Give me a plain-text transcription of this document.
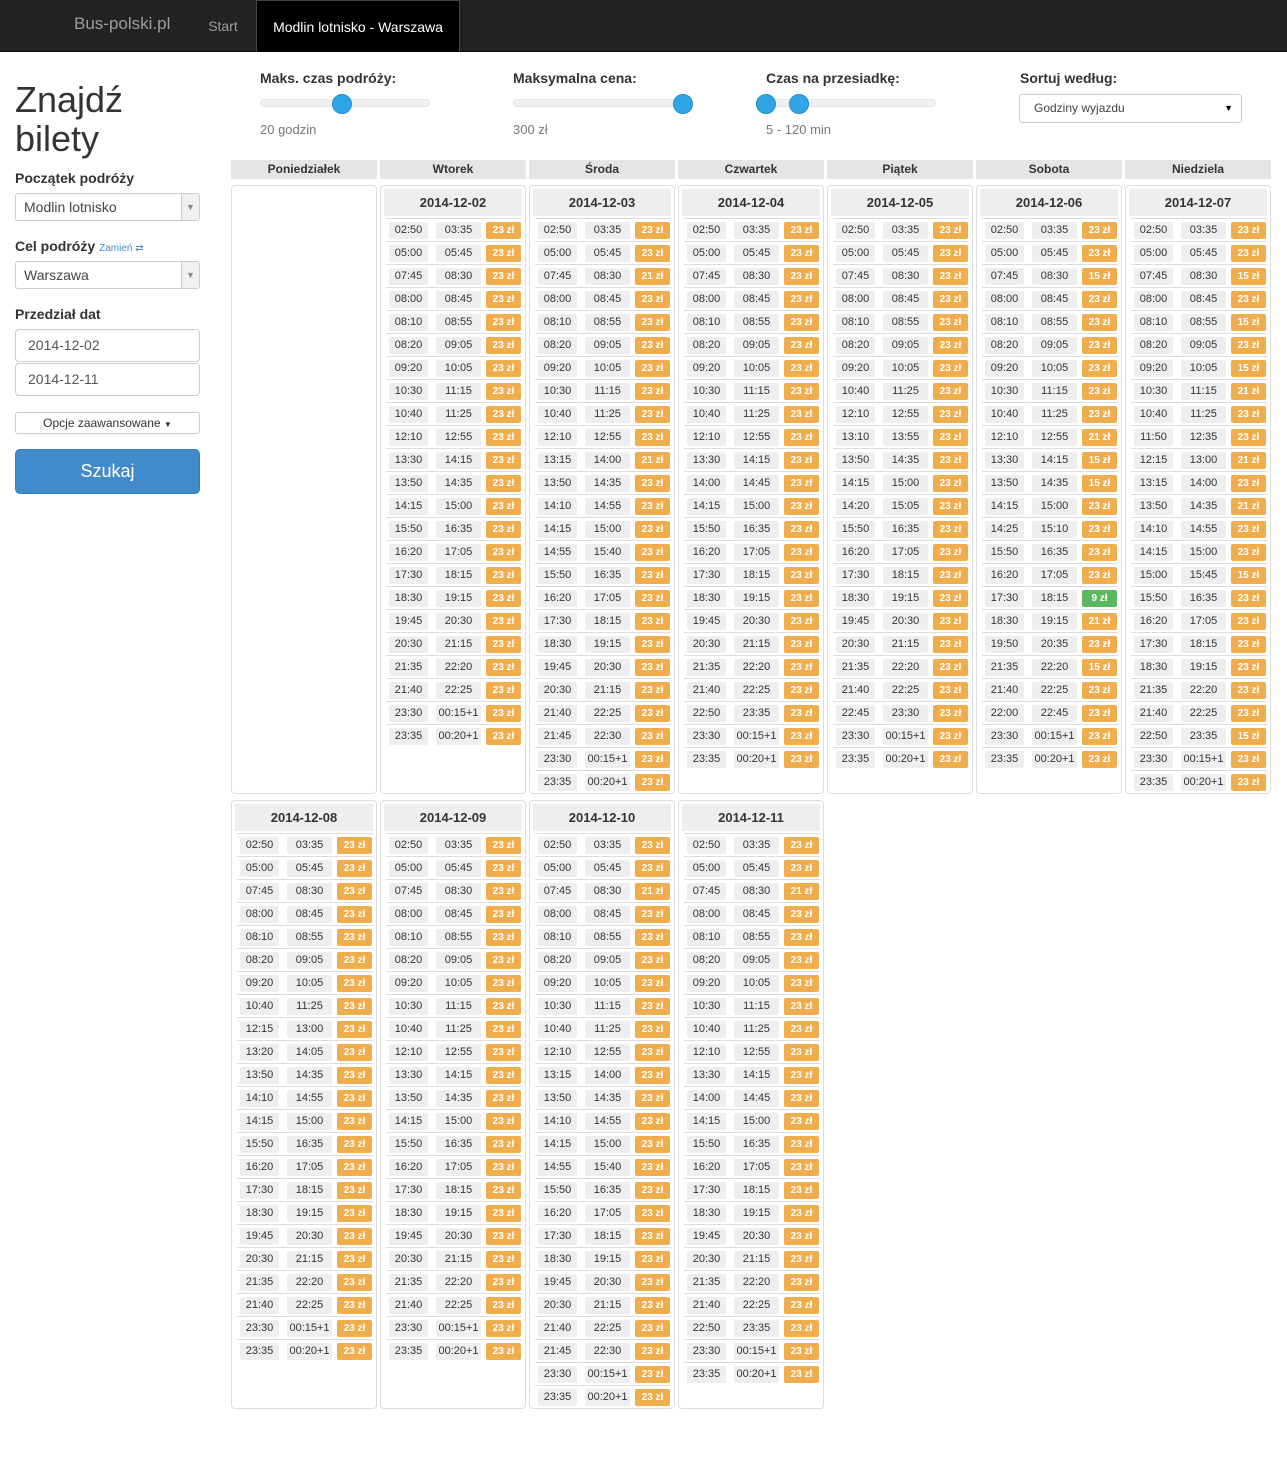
Bus-polski.pl	Start	Modlin lotnisko - Warszawa
Znajdź bilety
Początek podróży
Modlin lotnisko	▼
Cel podróży Zamień ⇄
Warszawa	▼
Przedział dat
2014-12-02
2014-12-11
Opcje zaawansowane ▼
Szukaj
Maks. czas podróży:
20 godzin
Maksymalna cena:
300 zł
Czas na przesiadkę:
5 - 120 min
Sortuj według:
Godziny wyjazdu	▼
Poniedziałek	Wtorek	Środa	Czwartek	Piątek	Sobota	Niedziela
2014-12-02
02:50	03:35	23 zł
05:00	05:45	23 zł
07:45	08:30	23 zł
08:00	08:45	23 zł
08:10	08:55	23 zł
08:20	09:05	23 zł
09:20	10:05	23 zł
10:30	11:15	23 zł
10:40	11:25	23 zł
12:10	12:55	23 zł
13:30	14:15	23 zł
13:50	14:35	23 zł
14:15	15:00	23 zł
15:50	16:35	23 zł
16:20	17:05	23 zł
17:30	18:15	23 zł
18:30	19:15	23 zł
19:45	20:30	23 zł
20:30	21:15	23 zł
21:35	22:20	23 zł
21:40	22:25	23 zł
23:30	00:15+1	23 zł
23:35	00:20+1	23 zł
2014-12-03
02:50	03:35	23 zł
05:00	05:45	23 zł
07:45	08:30	21 zł
08:00	08:45	23 zł
08:10	08:55	23 zł
08:20	09:05	23 zł
09:20	10:05	23 zł
10:30	11:15	23 zł
10:40	11:25	23 zł
12:10	12:55	23 zł
13:15	14:00	21 zł
13:50	14:35	23 zł
14:10	14:55	23 zł
14:15	15:00	23 zł
14:55	15:40	23 zł
15:50	16:35	23 zł
16:20	17:05	23 zł
17:30	18:15	23 zł
18:30	19:15	23 zł
19:45	20:30	23 zł
20:30	21:15	23 zł
21:40	22:25	23 zł
21:45	22:30	23 zł
23:30	00:15+1	23 zł
23:35	00:20+1	23 zł
2014-12-04
02:50	03:35	23 zł
05:00	05:45	23 zł
07:45	08:30	23 zł
08:00	08:45	23 zł
08:10	08:55	23 zł
08:20	09:05	23 zł
09:20	10:05	23 zł
10:30	11:15	23 zł
10:40	11:25	23 zł
12:10	12:55	23 zł
13:30	14:15	23 zł
14:00	14:45	23 zł
14:15	15:00	23 zł
15:50	16:35	23 zł
16:20	17:05	23 zł
17:30	18:15	23 zł
18:30	19:15	23 zł
19:45	20:30	23 zł
20:30	21:15	23 zł
21:35	22:20	23 zł
21:40	22:25	23 zł
22:50	23:35	23 zł
23:30	00:15+1	23 zł
23:35	00:20+1	23 zł
2014-12-05
02:50	03:35	23 zł
05:00	05:45	23 zł
07:45	08:30	23 zł
08:00	08:45	23 zł
08:10	08:55	23 zł
08:20	09:05	23 zł
09:20	10:05	23 zł
10:40	11:25	23 zł
12:10	12:55	23 zł
13:10	13:55	23 zł
13:50	14:35	23 zł
14:15	15:00	23 zł
14:20	15:05	23 zł
15:50	16:35	23 zł
16:20	17:05	23 zł
17:30	18:15	23 zł
18:30	19:15	23 zł
19:45	20:30	23 zł
20:30	21:15	23 zł
21:35	22:20	23 zł
21:40	22:25	23 zł
22:45	23:30	23 zł
23:30	00:15+1	23 zł
23:35	00:20+1	23 zł
2014-12-06
02:50	03:35	23 zł
05:00	05:45	23 zł
07:45	08:30	15 zł
08:00	08:45	23 zł
08:10	08:55	23 zł
08:20	09:05	23 zł
09:20	10:05	23 zł
10:30	11:15	23 zł
10:40	11:25	23 zł
12:10	12:55	21 zł
13:30	14:15	15 zł
13:50	14:35	15 zł
14:15	15:00	23 zł
14:25	15:10	23 zł
15:50	16:35	23 zł
16:20	17:05	23 zł
17:30	18:15	9 zł
18:30	19:15	21 zł
19:50	20:35	23 zł
21:35	22:20	15 zł
21:40	22:25	23 zł
22:00	22:45	23 zł
23:30	00:15+1	23 zł
23:35	00:20+1	23 zł
2014-12-07
02:50	03:35	23 zł
05:00	05:45	23 zł
07:45	08:30	15 zł
08:00	08:45	23 zł
08:10	08:55	15 zł
08:20	09:05	23 zł
09:20	10:05	15 zł
10:30	11:15	21 zł
10:40	11:25	23 zł
11:50	12:35	23 zł
12:15	13:00	21 zł
13:15	14:00	23 zł
13:50	14:35	21 zł
14:10	14:55	23 zł
14:15	15:00	23 zł
15:00	15:45	15 zł
15:50	16:35	23 zł
16:20	17:05	23 zł
17:30	18:15	23 zł
18:30	19:15	23 zł
21:35	22:20	23 zł
21:40	22:25	23 zł
22:50	23:35	15 zł
23:30	00:15+1	23 zł
23:35	00:20+1	23 zł
2014-12-08
02:50	03:35	23 zł
05:00	05:45	23 zł
07:45	08:30	23 zł
08:00	08:45	23 zł
08:10	08:55	23 zł
08:20	09:05	23 zł
09:20	10:05	23 zł
10:40	11:25	23 zł
12:15	13:00	23 zł
13:20	14:05	23 zł
13:50	14:35	23 zł
14:10	14:55	23 zł
14:15	15:00	23 zł
15:50	16:35	23 zł
16:20	17:05	23 zł
17:30	18:15	23 zł
18:30	19:15	23 zł
19:45	20:30	23 zł
20:30	21:15	23 zł
21:35	22:20	23 zł
21:40	22:25	23 zł
23:30	00:15+1	23 zł
23:35	00:20+1	23 zł
2014-12-09
02:50	03:35	23 zł
05:00	05:45	23 zł
07:45	08:30	23 zł
08:00	08:45	23 zł
08:10	08:55	23 zł
08:20	09:05	23 zł
09:20	10:05	23 zł
10:30	11:15	23 zł
10:40	11:25	23 zł
12:10	12:55	23 zł
13:30	14:15	23 zł
13:50	14:35	23 zł
14:15	15:00	23 zł
15:50	16:35	23 zł
16:20	17:05	23 zł
17:30	18:15	23 zł
18:30	19:15	23 zł
19:45	20:30	23 zł
20:30	21:15	23 zł
21:35	22:20	23 zł
21:40	22:25	23 zł
23:30	00:15+1	23 zł
23:35	00:20+1	23 zł
2014-12-10
02:50	03:35	23 zł
05:00	05:45	23 zł
07:45	08:30	21 zł
08:00	08:45	23 zł
08:10	08:55	23 zł
08:20	09:05	23 zł
09:20	10:05	23 zł
10:30	11:15	23 zł
10:40	11:25	23 zł
12:10	12:55	23 zł
13:15	14:00	23 zł
13:50	14:35	23 zł
14:10	14:55	23 zł
14:15	15:00	23 zł
14:55	15:40	23 zł
15:50	16:35	23 zł
16:20	17:05	23 zł
17:30	18:15	23 zł
18:30	19:15	23 zł
19:45	20:30	23 zł
20:30	21:15	23 zł
21:40	22:25	23 zł
21:45	22:30	23 zł
23:30	00:15+1	23 zł
23:35	00:20+1	23 zł
2014-12-11
02:50	03:35	23 zł
05:00	05:45	23 zł
07:45	08:30	21 zł
08:00	08:45	23 zł
08:10	08:55	23 zł
08:20	09:05	23 zł
09:20	10:05	23 zł
10:30	11:15	23 zł
10:40	11:25	23 zł
12:10	12:55	23 zł
13:30	14:15	23 zł
14:00	14:45	23 zł
14:15	15:00	23 zł
15:50	16:35	23 zł
16:20	17:05	23 zł
17:30	18:15	23 zł
18:30	19:15	23 zł
19:45	20:30	23 zł
20:30	21:15	23 zł
21:35	22:20	23 zł
21:40	22:25	23 zł
22:50	23:35	23 zł
23:30	00:15+1	23 zł
23:35	00:20+1	23 zł
